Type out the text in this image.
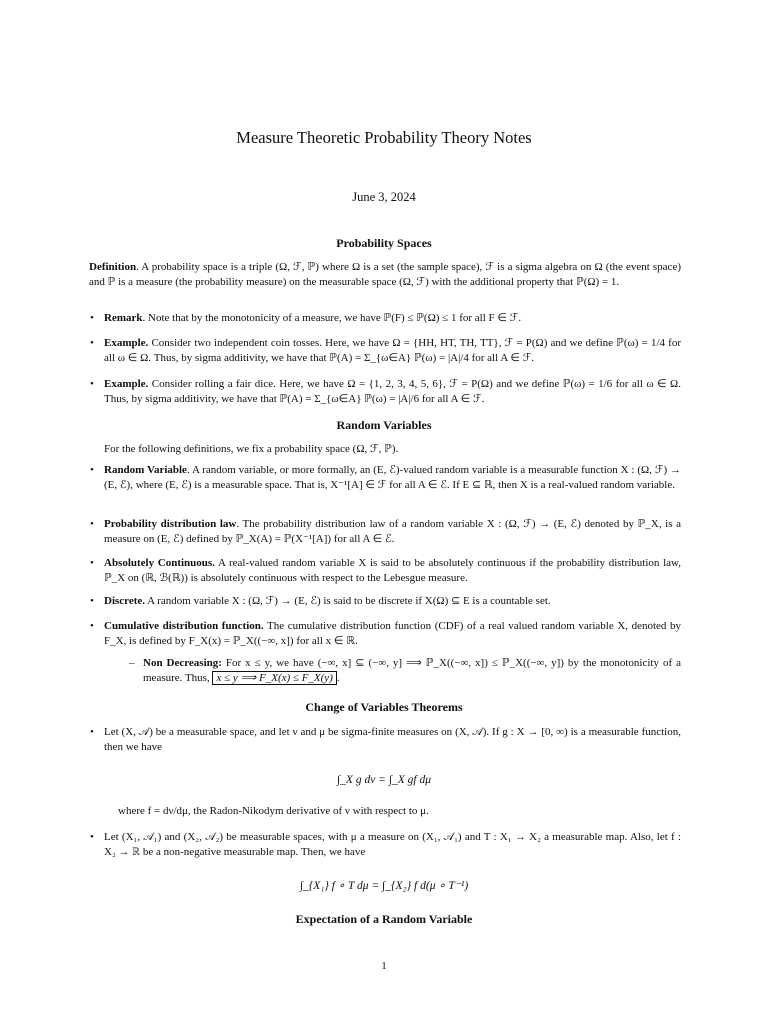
Measure Theoretic Probability Theory Notes
June 3, 2024
Probability Spaces
Definition. A probability space is a triple (Ω, ℱ, ℙ) where Ω is a set (the sample space), ℱ is a sigma algebra on Ω (the event space) and ℙ is a measure (the probability measure) on the measurable space (Ω, ℱ) with the additional property that ℙ(Ω) = 1.
• Remark. Note that by the monotonicity of a measure, we have ℙ(F) ≤ ℙ(Ω) ≤ 1 for all F ∈ ℱ.
• Example. Consider two independent coin tosses. Here, we have Ω = {HH, HT, TH, TT}, ℱ = P(Ω) and we define ℙ(ω) = 1/4 for all ω ∈ Ω. Thus, by sigma additivity, we have that ℙ(A) = Σ_{ω∈A} ℙ(ω) = |A|/4 for all A ∈ ℱ.
• Example. Consider rolling a fair dice. Here, we have Ω = {1, 2, 3, 4, 5, 6}, ℱ = P(Ω) and we define ℙ(ω) = 1/6 for all ω ∈ Ω. Thus, by sigma additivity, we have that ℙ(A) = Σ_{ω∈A} ℙ(ω) = |A|/6 for all A ∈ ℱ.
Random Variables
For the following definitions, we fix a probability space (Ω, ℱ, ℙ).
• Random Variable. A random variable, or more formally, an (E, ℰ)-valued random variable is a measurable function X : (Ω, ℱ) → (E, ℰ), where (E, ℰ) is a measurable space. That is, X⁻¹[A] ∈ ℱ for all A ∈ ℰ. If E ⊆ ℝ, then X is a real-valued random variable.
• Probability distribution law. The probability distribution law of a random variable X : (Ω, ℱ) → (E, ℰ) denoted by ℙ_X, is a measure on (E, ℰ) defined by ℙ_X(A) = ℙ(X⁻¹[A]) for all A ∈ ℰ.
• Absolutely Continuous. A real-valued random variable X is said to be absolutely continuous if the probability distribution law, ℙ_X on (ℝ, ℬ(ℝ)) is absolutely continuous with respect to the Lebesgue measure.
• Discrete. A random variable X : (Ω, ℱ) → (E, ℰ) is said to be discrete if X(Ω) ⊆ E is a countable set.
• Cumulative distribution function. The cumulative distribution function (CDF) of a real valued random variable X, denoted by F_X, is defined by F_X(x) = ℙ_X((−∞, x]) for all x ∈ ℝ.
– Non Decreasing: For x ≤ y, we have (−∞, x] ⊆ (−∞, y] ⟹ ℙ_X((−∞, x]) ≤ ℙ_X((−∞, y]) by the monotonicity of a measure. Thus, x ≤ y ⟹ F_X(x) ≤ F_X(y) .
Change of Variables Theorems
• Let (X, 𝒜) be a measurable space, and let ν and μ be sigma-finite measures on (X, 𝒜). If g : X → [0, ∞) is a measurable function, then we have
∫_X g dν = ∫_X gf dμ
where f = dν/dμ, the Radon-Nikodym derivative of ν with respect to μ.
• Let (X₁, 𝒜₁) and (X₂, 𝒜₂) be measurable spaces, with μ a measure on (X₁, 𝒜₁) and T : X₁ → X₂ a measurable map. Also, let f : X₂ → ℝ be a non-negative measurable map. Then, we have
∫_{X₁} f ∘ T dμ = ∫_{X₂} f d(μ ∘ T⁻¹)
Expectation of a Random Variable
1
